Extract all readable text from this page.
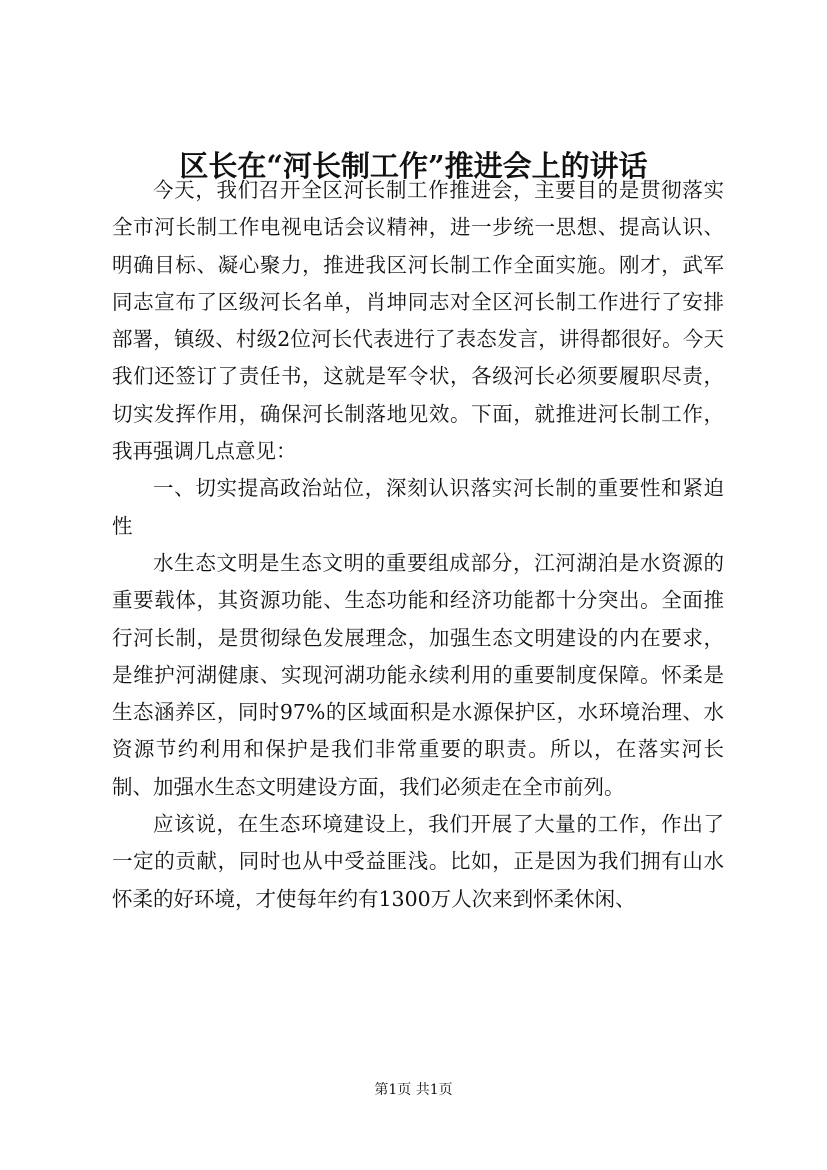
区长在“河长制工作”推进会上的讲话

今天，我们召开全区河长制工作推进会，主要目的是贯彻落实全市河长制工作电视电话会议精神，进一步统一思想、提高认识、明确目标、凝心聚力，推进我区河长制工作全面实施。刚才，武军同志宣布了区级河长名单，肖坤同志对全区河长制工作进行了安排部署，镇级、村级2位河长代表进行了表态发言，讲得都很好。今天我们还签订了责任书，这就是军令状，各级河长必须要履职尽责，切实发挥作用，确保河长制落地见效。下面，就推进河长制工作，我再强调几点意见：

一、切实提高政治站位，深刻认识落实河长制的重要性和紧迫性

水生态文明是生态文明的重要组成部分，江河湖泊是水资源的重要载体，其资源功能、生态功能和经济功能都十分突出。全面推行河长制，是贯彻绿色发展理念，加强生态文明建设的内在要求，是维护河湖健康、实现河湖功能永续利用的重要制度保障。怀柔是生态涵养区，同时97%的区域面积是水源保护区，水环境治理、水资源节约利用和保护是我们非常重要的职责。所以，在落实河长制、加强水生态文明建设方面，我们必须走在全市前列。

应该说，在生态环境建设上，我们开展了大量的工作，作出了一定的贡献，同时也从中受益匪浅。比如，正是因为我们拥有山水怀柔的好环境，才使每年约有1300万人次来到怀柔休闲、

第1页 共1页
